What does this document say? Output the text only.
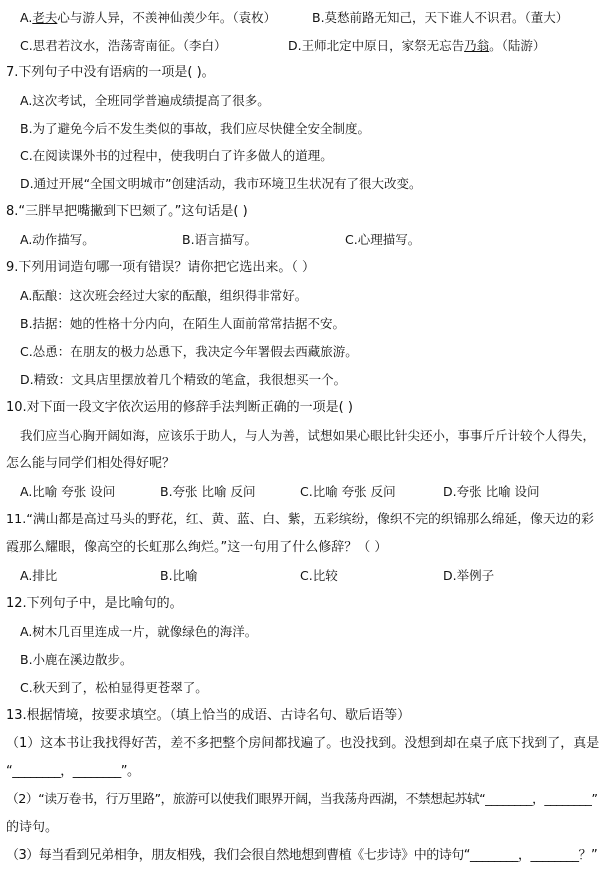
A.老夫心与游人异，不羡神仙羡少年。（袁枚）	B.莫愁前路无知己，天下谁人不识君。（董大）
C.思君若汶水，浩荡寄南征。（李白）	D.王师北定中原日，家祭无忘告乃翁。（陆游）
7.下列句子中没有语病的一项是( )。
A.这次考试，全班同学普遍成绩提高了很多。
B.为了避免今后不发生类似的事故，我们应尽快健全安全制度。
C.在阅读课外书的过程中，使我明白了许多做人的道理。
D.通过开展“全国文明城市”创建活动，我市环境卫生状况有了很大改变。
8.“三胖早把嘴撇到下巴颏了。”这句话是( )
A.动作描写。	B.语言描写。	C.心理描写。
9.下列用词造句哪一项有错误？请你把它选出来。（ ）
A.酝酿：这次班会经过大家的酝酿，组织得非常好。
B.拮据：她的性格十分内向，在陌生人面前常常拮据不安。
C.怂恿：在朋友的极力怂恿下，我决定今年署假去西藏旅游。
D.精致：文具店里摆放着几个精致的笔盒，我很想买一个。
10.对下面一段文字依次运用的修辞手法判断正确的一项是( )
我们应当心胸开阔如海，应该乐于助人，与人为善，试想如果心眼比针尖还小，事事斤斤计较个人得失，
怎么能与同学们相处得好呢？
A.比喻 夸张 设问	B.夸张 比喻 反问	C.比喻 夸张 反问	D.夸张 比喻 设问
11.“满山都是高过马头的野花，红、黄、蓝、白、紫，五彩缤纷，像织不完的织锦那么绵延，像天边的彩
霞那么耀眼，像高空的长虹那么绚烂。”这一句用了什么修辞？（ ）
A.排比	B.比喻	C.比较	D.举例子
12.下列句子中，是比喻句的。
A.树木几百里连成一片，就像绿色的海洋。
B.小鹿在溪边散步。
C.秋天到了，松柏显得更苍翠了。
13.根据情境，按要求填空。（填上恰当的成语、古诗名句、歇后语等）
（1）这本书让我找得好苦，差不多把整个房间都找遍了。也没找到。没想到却在桌子底下找到了，真是
“________，________”。
（2）“读万卷书，行万里路”，旅游可以使我们眼界开阔，当我荡舟西湖，不禁想起苏轼“________，________”
的诗句。
（3）每当看到兄弟相争，朋友相残，我们会很自然地想到曹植《七步诗》中的诗句“________，________？”
